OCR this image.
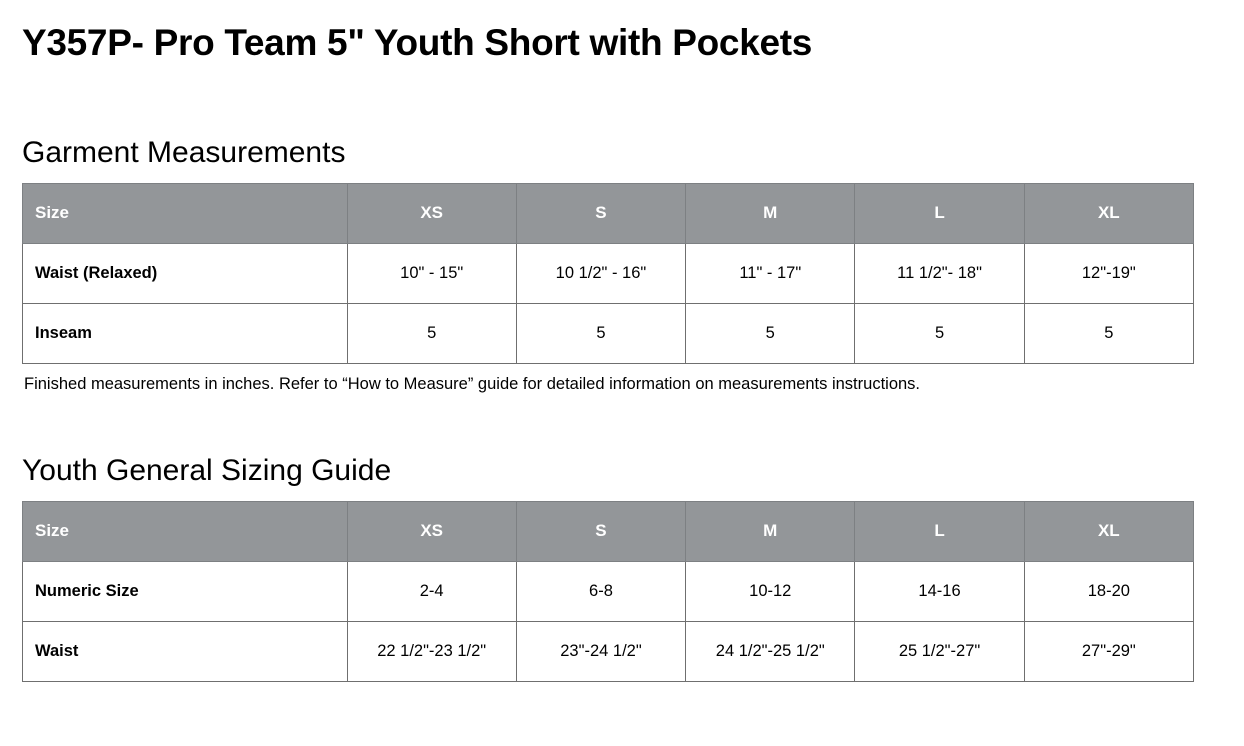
Y357P- Pro Team 5" Youth Short with Pockets
Garment Measurements
Size	XS	S	M	L	XL
Waist (Relaxed)	10" - 15"	10 1/2" - 16"	11" - 17"	11 1/2"- 18"	12"-19"
Inseam	5	5	5	5	5

Finished measurements in inches. Refer to “How to Measure” guide for detailed information on measurements instructions.

Youth General Sizing Guide
Size	XS	S	M	L	XL
Numeric Size	2-4	6-8	10-12	14-16	18-20
Waist	22 1/2"-23 1/2"	23"-24 1/2"	24 1/2"-25 1/2"	25 1/2"-27"	27"-29"
